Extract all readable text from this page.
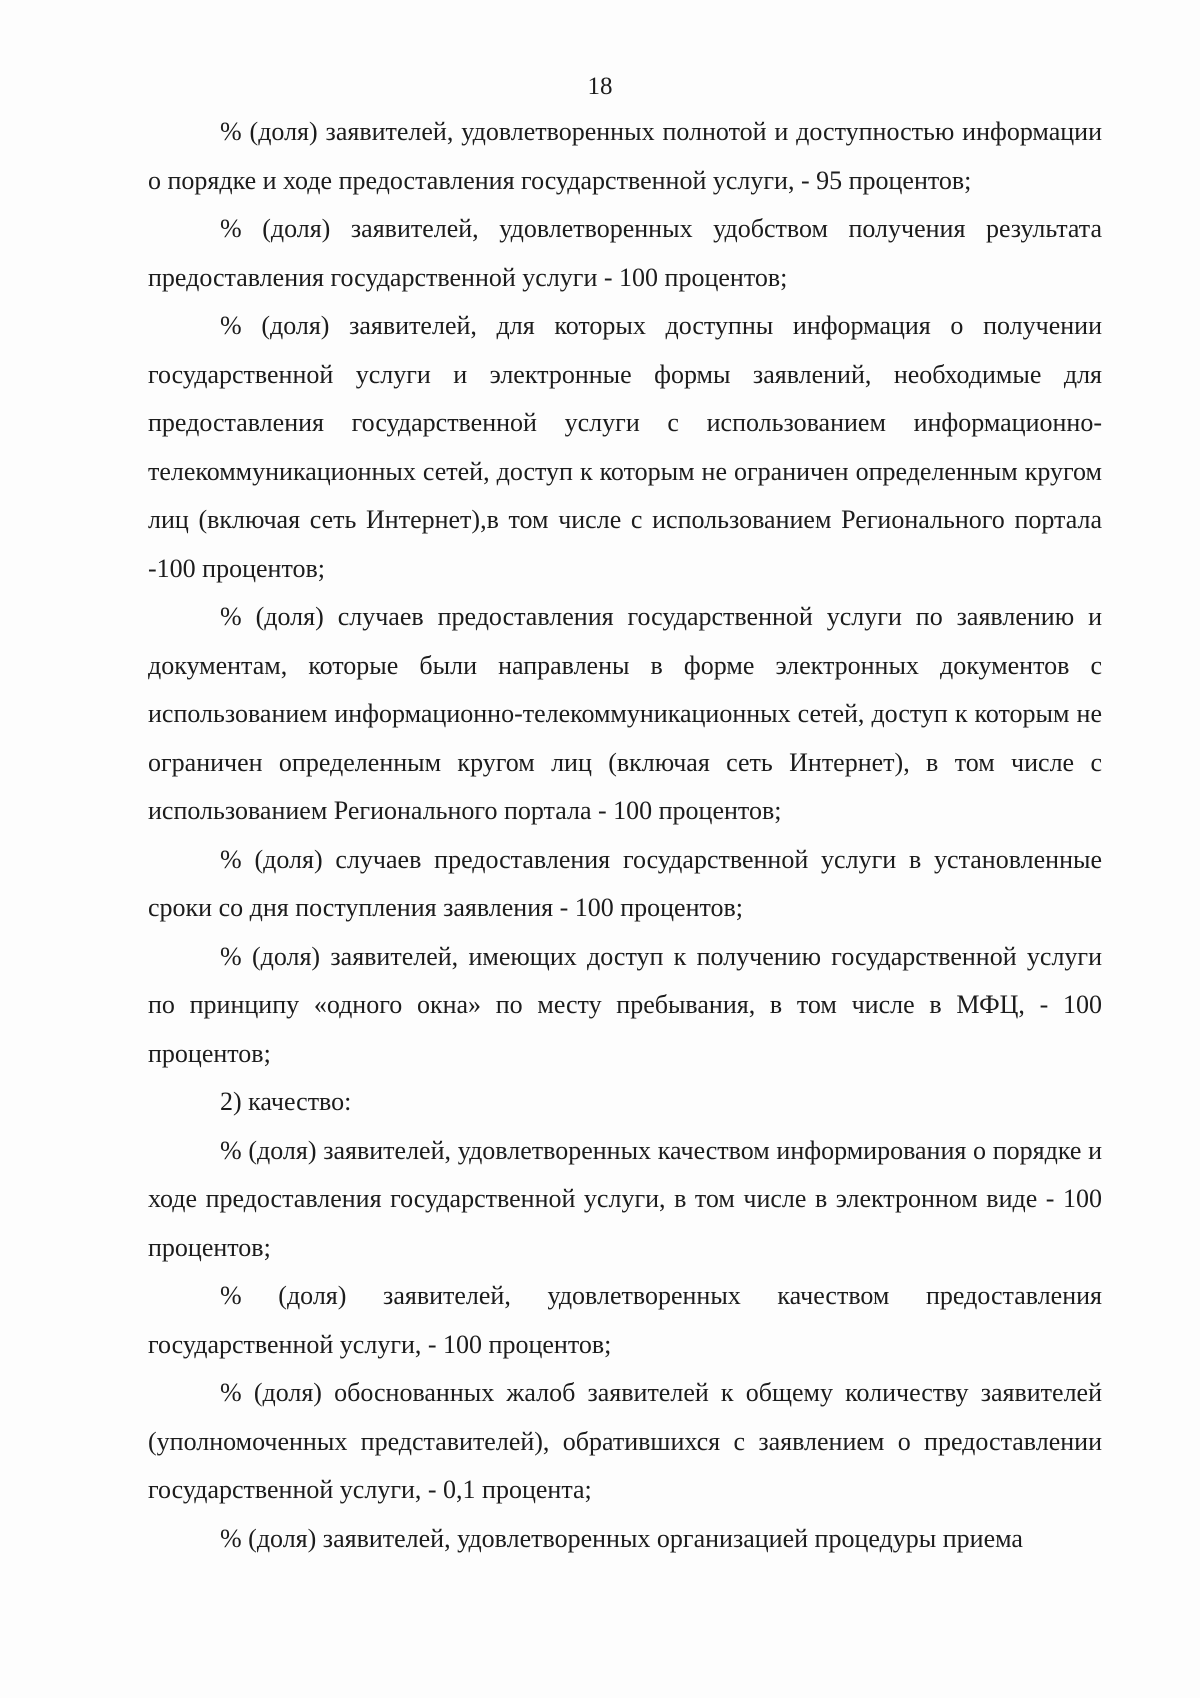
18

% (доля) заявителей, удовлетворенных полнотой и доступностью информации о порядке и ходе предоставления государственной услуги, - 95 процентов;

% (доля) заявителей, удовлетворенных удобством получения результата предоставления государственной услуги - 100 процентов;

% (доля) заявителей, для которых доступны информация о получении государственной услуги и электронные формы заявлений, необходимые для предоставления государственной услуги с использованием информационно-телекоммуникационных сетей, доступ к которым не ограничен определенным кругом лиц (включая сеть Интернет),в том числе с использованием Регионального портала -100 процентов;

% (доля) случаев предоставления государственной услуги по заявлению и документам, которые были направлены в форме электронных документов с использованием информационно-телекоммуникационных сетей, доступ к которым не ограничен определенным кругом лиц (включая сеть Интернет), в том числе с использованием Регионального портала - 100 процентов;

% (доля) случаев предоставления государственной услуги в установленные сроки со дня поступления заявления - 100 процентов;

% (доля) заявителей, имеющих доступ к получению государственной услуги по принципу «одного окна» по месту пребывания, в том числе в МФЦ, - 100 процентов;

2) качество:

% (доля) заявителей, удовлетворенных качеством информирования о порядке и ходе предоставления государственной услуги, в том числе в электронном виде - 100 процентов;

% (доля) заявителей, удовлетворенных качеством предоставления государственной услуги, - 100 процентов;

% (доля) обоснованных жалоб заявителей к общему количеству заявителей (уполномоченных представителей), обратившихся с заявлением о предоставлении государственной услуги, - 0,1 процента;

% (доля) заявителей, удовлетворенных организацией процедуры приема
